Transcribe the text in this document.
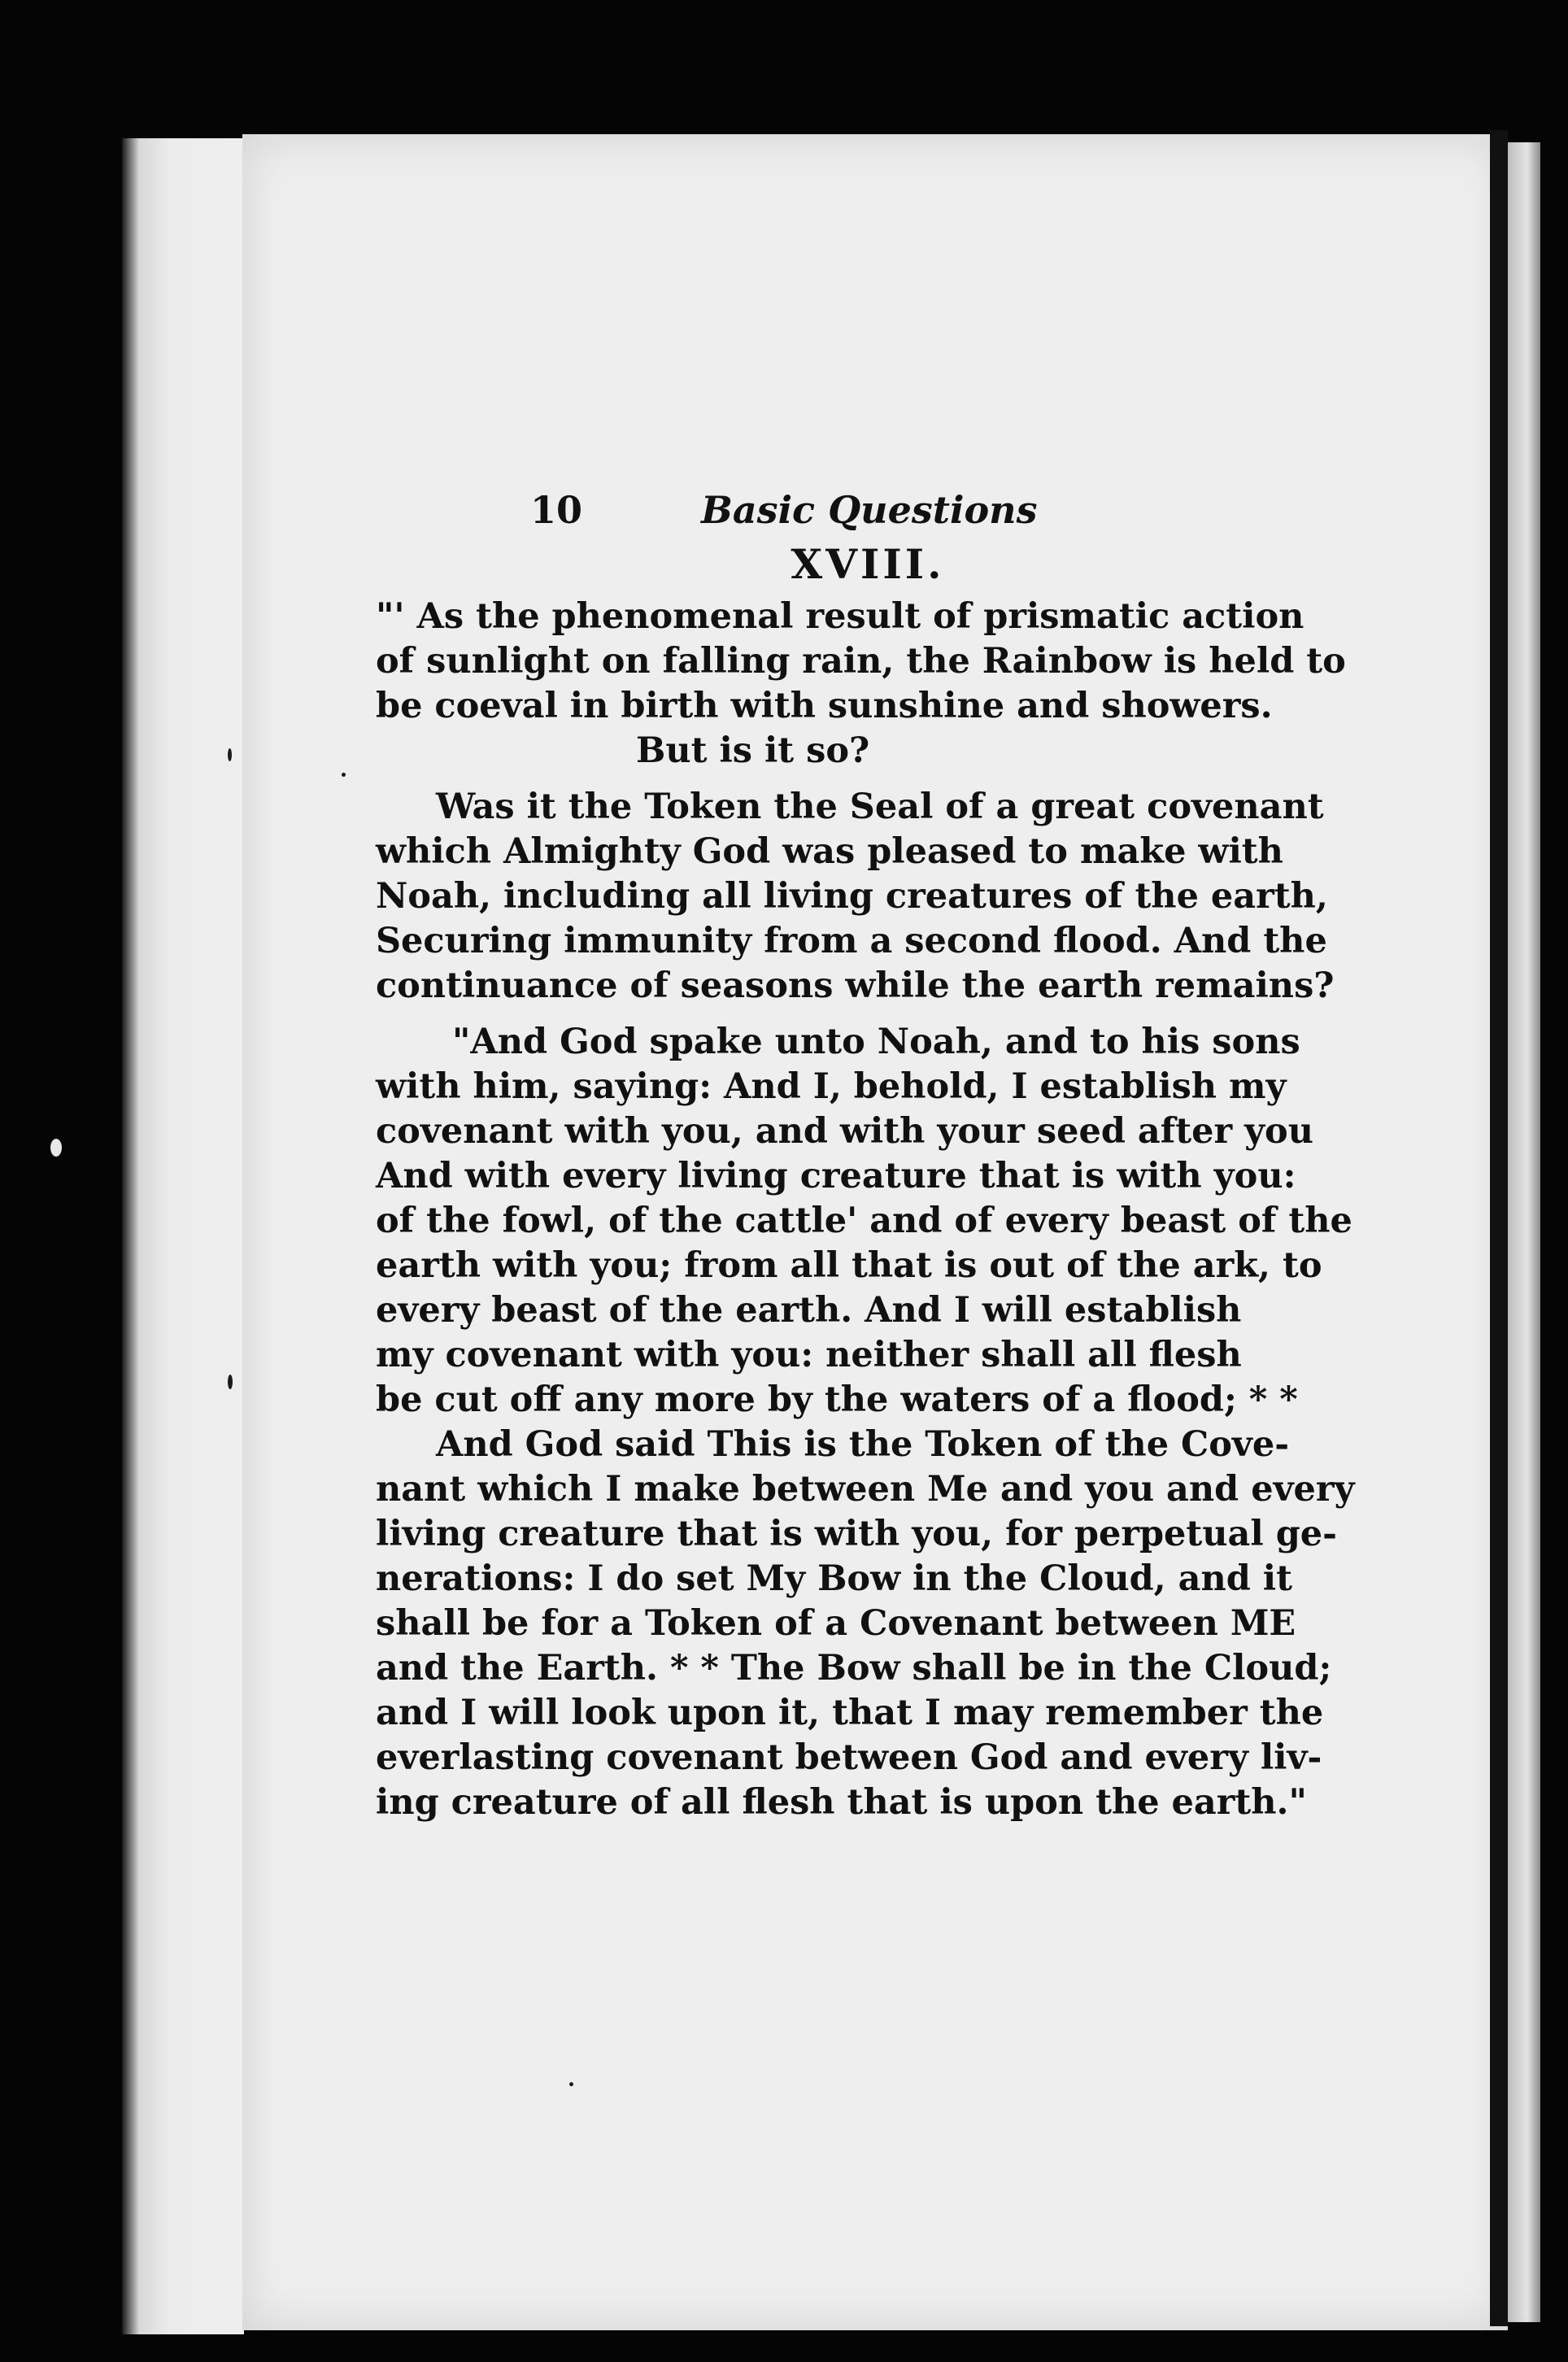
10	Basic Questions
XVIII.
"' As the phenomenal result of prismatic action
of sunlight on falling rain, the Rainbow is held to
be coeval in birth with sunshine and showers.
But is it so?
Was it the Token the Seal of a great covenant
which Almighty God was pleased to make with
Noah, including all living creatures of the earth,
Securing immunity from a second flood. And the
continuance of seasons while the earth remains?
"And God spake unto Noah, and to his sons
with him, saying: And I, behold, I establish my
covenant with you, and with your seed after you
And with every living creature that is with you:
of the fowl, of the cattle' and of every beast of the
earth with you; from all that is out of the ark, to
every beast of the earth. And I will establish
my covenant with you: neither shall all flesh
be cut off any more by the waters of a flood; * *
And God said This is the Token of the Cove-
nant which I make between Me and you and every
living creature that is with you, for perpetual ge-
nerations: I do set My Bow in the Cloud, and it
shall be for a Token of a Covenant between ME
and the Earth. * * The Bow shall be in the Cloud;
and I will look upon it, that I may remember the
everlasting covenant between God and every liv-
ing creature of all flesh that is upon the earth."
